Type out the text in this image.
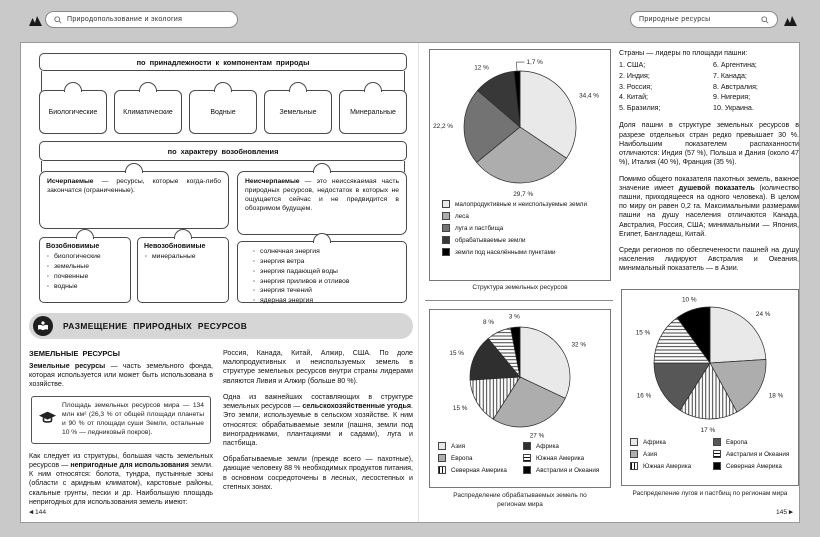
Природопользование и экология	Природные ресурсы
по принадлежности к компонентам природы
Биологические	Климатические	Водные	Земельные	Минеральные
по характеру возобновления
Исчерпаемые — ресурсы, которые когда-либо закончатся (ограниченные).
Неисчерпаемые — это неиссякаемая часть природных ресурсов, недостаток в которых не ощущается сейчас и не предвидится в обозримом будущем.
Возобновимые
· биологические
· земельные
· почвенные
· водные
Невозобновимые
· минеральные
· солнечная энергия
· энергия ветра
· энергия падающей воды
· энергия приливов и отливов
· энергия течений
· ядерная энергия
РАЗМЕЩЕНИЕ ПРИРОДНЫХ РЕСУРСОВ
ЗЕМЕЛЬНЫЕ РЕСУРСЫ

Земельные ресурсы — часть земельного фонда, которая используется или может быть использована в хозяйстве.

Площадь земельных ресурсов мира — 134 млн км² (26,3 % от общей площади планеты и 90 % от площади суши Земли, остальные 10 % — ледниковый покров).

Как следует из структуры, большая часть земельных ресурсов — непригодные для использования земли. К ним относятся: болота, тундра, пустынные зоны (области с аридным климатом), карстовые районы, скальные грунты, пески и др. Наибольшую площадь непригодных для использования земель имеют:

Россия, Канада, Китай, Алжир, США. По доле малопродуктивных и неиспользуемых земель в структуре земельных ресурсов внутри страны лидерами являются Ливия и Алжир (больше 80 %).

Одна из важнейших составляющих в структуре земельных ресурсов — сельскохозяйственные угодья. Это земли, используемые в сельском хозяйстве. К ним относятся: обрабатываемые земли (пашня, земли под виноградниками, плантациями и садами), луга и пастбища.

Обрабатываемые земли (прежде всего — пахотные), дающие человеку 88 % необходимых продуктов питания, в основном сосредоточены в лесных, лесостепных и степных зонах.

34,4 %
29,7 %
22,2 %
12 %
1,7 %
малопродуктивные и неиспользуемые земли
леса
луга и пастбища
обрабатываемые земли
земли под населёнными пунктами
Структура земельных ресурсов
32 %
27 %
15 %
15 %
8 %
3 %
Азия
Европа
Северная Америка
Африка
Южная Америка
Австралия и Океания
Распределение обрабатываемых земель по регионам мира
24 %
18 %
17 %
16 %
15 %
10 %
Африка
Азия
Южная Америка
Европа
Австралия и Океания
Северная Америка
Распределение лугов и пастбищ по регионам мира

Страны — лидеры по площади пашни:

1. США;
2. Индия;
3. Россия;
4. Китай;
5. Бразилия;
6. Аргентина;
7. Канада;
8. Австралия;
9. Нигерия;
10. Украина.

Доля пашни в структуре земельных ресурсов в разрезе отдельных стран редко превышает 30 %. Наибольшим показателем распаханности отличаются: Индия (57 %), Польша и Дания (около 47 %), Италия (40 %), Франция (35 %).

Помимо общего показателя пахотных земель, важное значение имеет душевой показатель (количество пашни, приходящееся на одного человека). В целом по миру он равен 0,2 га. Максимальными размерами пашни на душу населения отличаются Канада, Австралия, Россия, США; минимальными — Япония, Египет, Бангладеш, Китай.

Среди регионов по обеспеченности пашней на душу населения лидируют Австралия и Океания, минимальный показатель — в Азии.

◀ 144	145 ▶
